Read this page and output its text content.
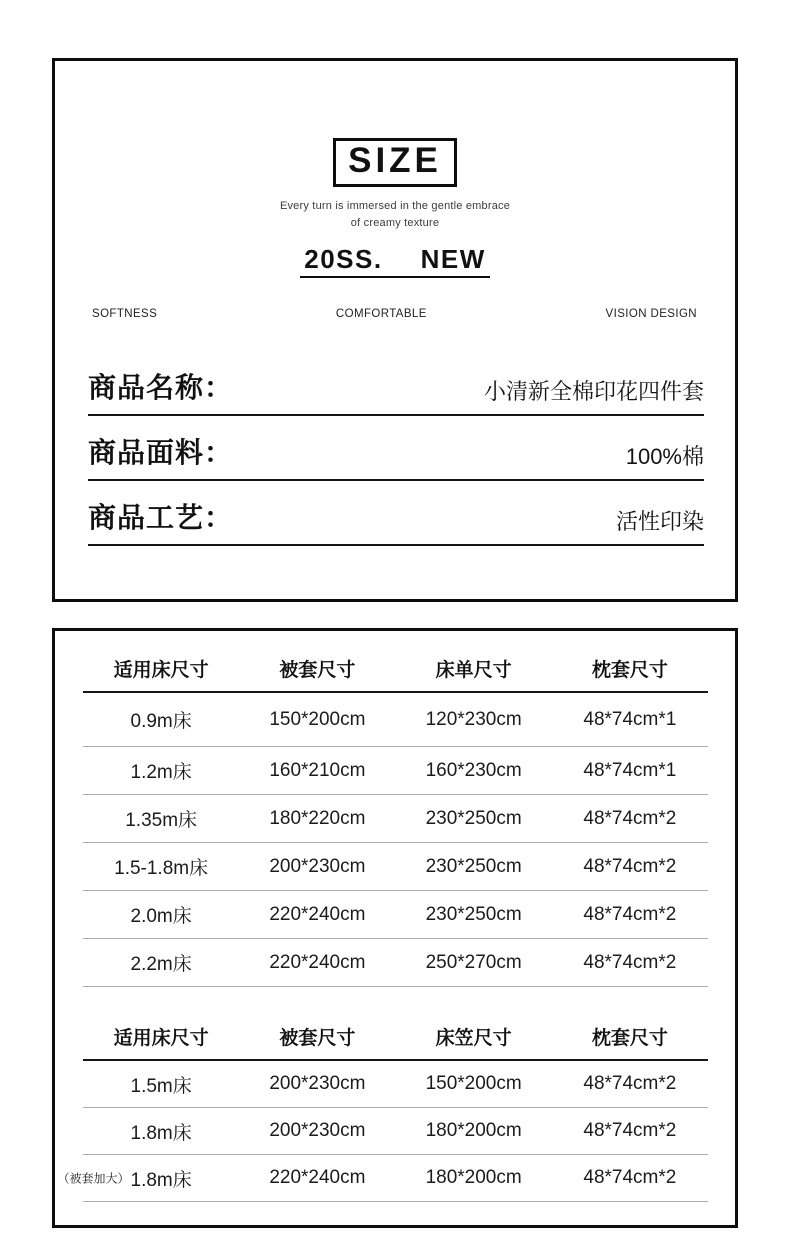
SIZE
Every turn is immersed in the gentle embrace
of creamy texture
20SS. NEW
SOFTNESS	COMFORTABLE	VISION DESIGN
商品名称：	小清新全棉印花四件套
商品面料：	100%棉
商品工艺：	活性印染
适用床尺寸	被套尺寸	床单尺寸	枕套尺寸
0.9m床	150*200cm	120*230cm	48*74cm*1
1.2m床	160*210cm	160*230cm	48*74cm*1
1.35m床	180*220cm	230*250cm	48*74cm*2
1.5-1.8m床	200*230cm	230*250cm	48*74cm*2
2.0m床	220*240cm	230*250cm	48*74cm*2
2.2m床	220*240cm	250*270cm	48*74cm*2
适用床尺寸	被套尺寸	床笠尺寸	枕套尺寸
1.5m床	200*230cm	150*200cm	48*74cm*2
1.8m床	200*230cm	180*200cm	48*74cm*2
（被套加大） 1.8m床	220*240cm	180*200cm	48*74cm*2
